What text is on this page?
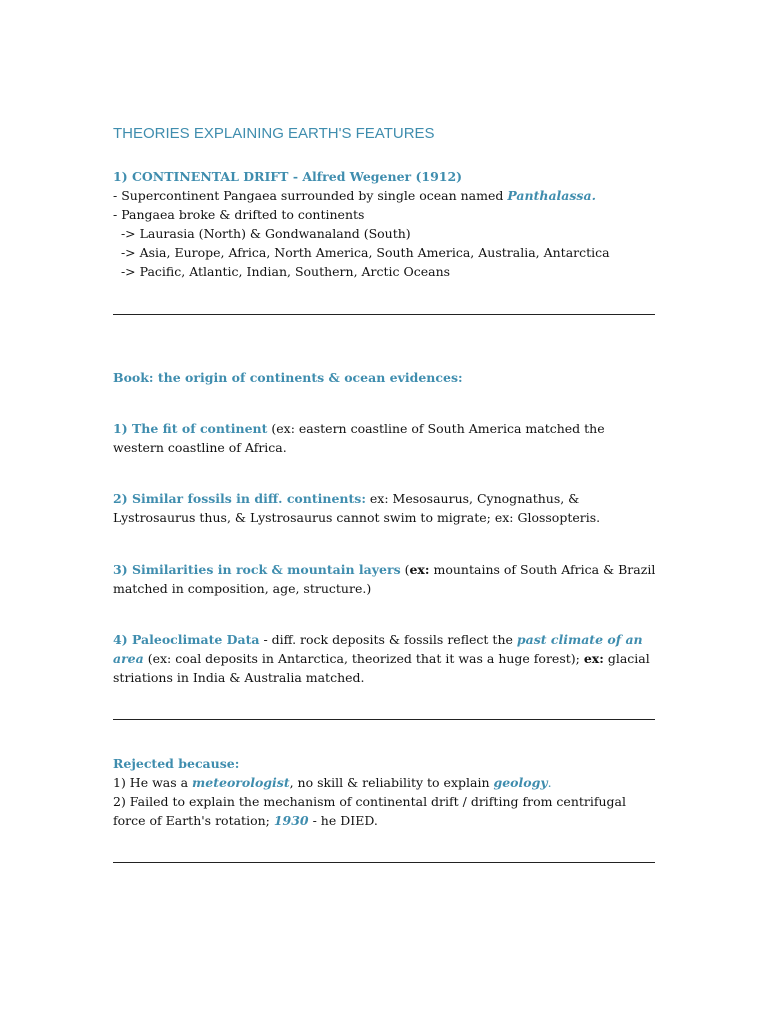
THEORIES EXPLAINING EARTH'S FEATURES
1) CONTINENTAL DRIFT - Alfred Wegener (1912)
- Supercontinent Pangaea surrounded by single ocean named Panthalassa.
- Pangaea broke & drifted to continents
-> Laurasia (North) & Gondwanaland (South)
-> Asia, Europe, Africa, North America, South America, Australia, Antarctica
-> Pacific, Atlantic, Indian, Southern, Arctic Oceans
Book: the origin of continents & ocean evidences:
1) The fit of continent (ex: eastern coastline of South America matched the western coastline of Africa.
2) Similar fossils in diff. continents: ex: Mesosaurus, Cynognathus, & Lystrosaurus thus, & Lystrosaurus cannot swim to migrate; ex: Glossopteris.
3) Similarities in rock & mountain layers (ex: mountains of South Africa & Brazil matched in composition, age, structure.)
4) Paleoclimate Data - diff. rock deposits & fossils reflect the past climate of an area (ex: coal deposits in Antarctica, theorized that it was a huge forest); ex: glacial striations in India & Australia matched.
Rejected because:
1) He was a meteorologist, no skill & reliability to explain geology.
2) Failed to explain the mechanism of continental drift / drifting from centrifugal force of Earth's rotation; 1930 - he DIED.
